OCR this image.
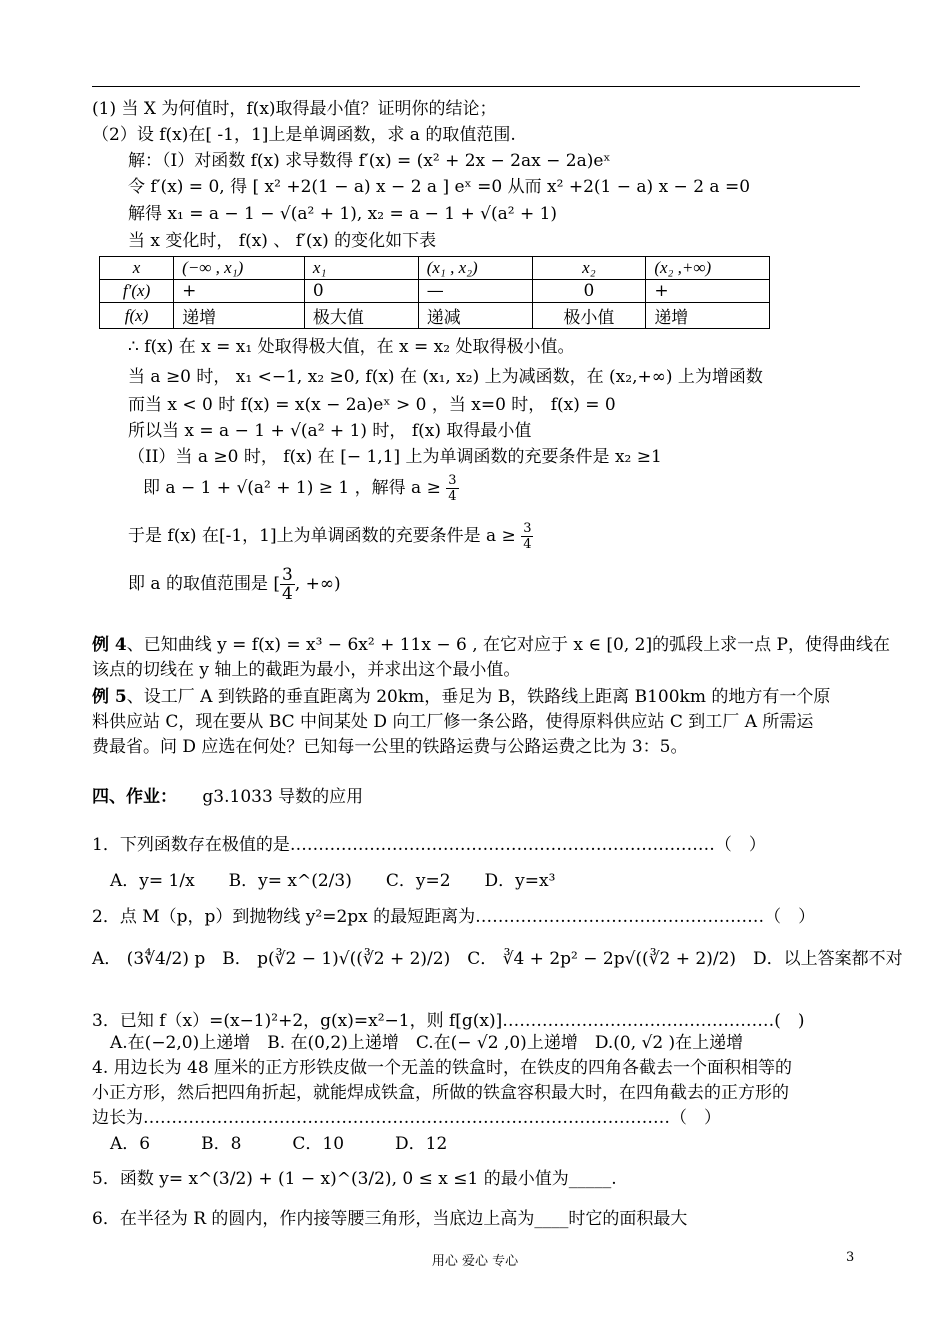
(1) 当 X 为何值时，f(x)取得最小值？证明你的结论；
（2）设 f(x)在[ -1，1]上是单调函数，求 a 的取值范围.
解：（I）对函数 f(x) 求导数得 f′(x) = (x² + 2x − 2ax − 2a)eˣ
令 f′(x) = 0, 得 [ x² +2(1 − a) x − 2 a ] eˣ =0 从而 x² +2(1 − a) x − 2 a =0
解得 x₁ = a − 1 − √(a² + 1), x₂ = a − 1 + √(a² + 1)
当 x 变化时， f(x) 、 f′(x) 的变化如下表
x	(−∞ , x₁)	x₁	(x₁ , x₂)	x₂	(x₂ ,+∞)
f′(x)	+	0	—	0	+
f(x)	递增	极大值	递减	极小值	递增
∴ f(x) 在 x = x₁ 处取得极大值，在 x = x₂ 处取得极小值。
当 a ≥0 时， x₁ <−1, x₂ ≥0, f(x) 在 (x₁, x₂) 上为减函数，在 (x₂,+∞) 上为增函数
而当 x < 0 时 f(x) = x(x − 2a)eˣ > 0 ，当 x=0 时， f(x) = 0
所以当 x = a − 1 + √(a² + 1) 时， f(x) 取得最小值
（II）当 a ≥0 时， f(x) 在 [− 1,1] 上为单调函数的充要条件是 x₂ ≥1
即 a − 1 + √(a² + 1) ≥ 1 ，解得 $a \ge \frac{3}{4}$
于是 f(x) 在[-1，1]上为单调函数的充要条件是 $a \ge \frac{3}{4}$
即 a 的取值范围是 [ $\frac{3}{4}$ , +∞)
例 4、已知曲线 y = f(x) = x³ − 6x² + 11x − 6 , 在它对应于 x ∈ [0, 2]的弧段上求一点 P，使得曲线在
该点的切线在 y 轴上的截距为最小，并求出这个最小值。
例 5、设工厂 A 到铁路的垂直距离为 20km，垂足为 B，铁路线上距离 B100km 的地方有一个原
料供应站 C，现在要从 BC 中间某处 D 向工厂修一条公路，使得原料供应站 C 到工厂 A 所需运
费最省。问 D 应选在何处？已知每一公里的铁路运费与公路运费之比为 3：5。
四、作业： g3.1033 导数的应用
1．下列函数存在极值的是…………………………………………………………………（　）
A．y= 1/x　　B．y= x^(2/3)　　C．y=2　　D．y=x³
2．点 M（p，p）到抛物线 y²=2px 的最短距离为……………………………………………（　）
A． (3∜4/2) p　B． p(∛2 − 1)√((∛2 + 2)/2)　C． ∛4 + 2p² − 2p√((∛2 + 2)/2)　D．以上答案都不对
3．已知 f（x）=(x−1)²+2，g(x)=x²−1，则 f[g(x)]…………………………………………(　)
A.在(−2,0)上递增　B. 在(0,2)上递增　C.在(− √2 ,0)上递增　D.(0, √2 )在上递增
4. 用边长为 48 厘米的正方形铁皮做一个无盖的铁盒时，在铁皮的四角各截去一个面积相等的
小正方形，然后把四角折起，就能焊成铁盒，所做的铁盒容积最大时，在四角截去的正方形的
边长为…………………………………………………………………………………（　）
A．6　　　B．8　　　C．10　　　D．12
5．函数 y= x^(3/2) + (1 − x)^(3/2), 0 ≤ x ≤1 的最小值为_____.
6．在半径为 R 的圆内，作内接等腰三角形，当底边上高为____时它的面积最大
用心 爱心 专心	3
